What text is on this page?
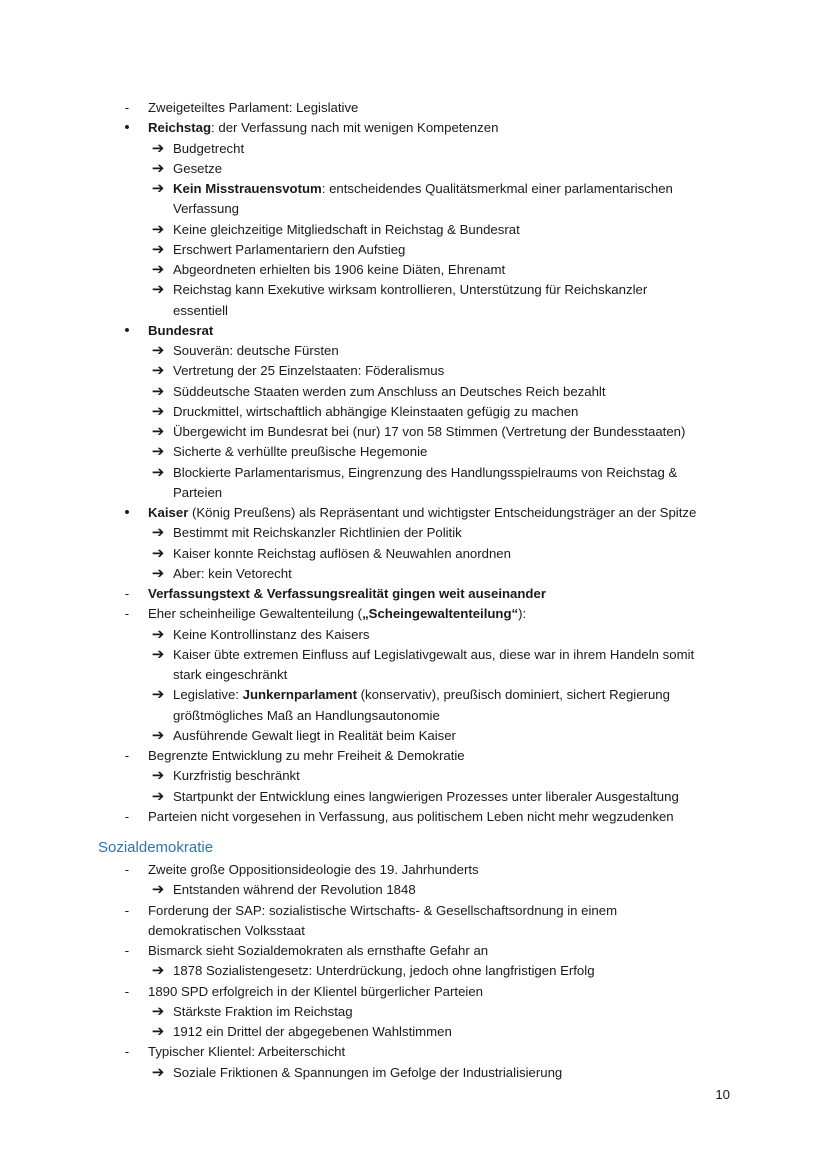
-	Zweigeteiltes Parlament: Legislative
•	Reichstag: der Verfassung nach mit wenigen Kompetenzen
➔ Budgetrecht
➔ Gesetze
➔ Kein Misstrauensvotum: entscheidendes Qualitätsmerkmal einer parlamentarischen
Verfassung
➔ Keine gleichzeitige Mitgliedschaft in Reichstag & Bundesrat
➔ Erschwert Parlamentariern den Aufstieg
➔ Abgeordneten erhielten bis 1906 keine Diäten, Ehrenamt
➔ Reichstag kann Exekutive wirksam kontrollieren, Unterstützung für Reichskanzler
essentiell
•	Bundesrat
➔ Souverän: deutsche Fürsten
➔ Vertretung der 25 Einzelstaaten: Föderalismus
➔ Süddeutsche Staaten werden zum Anschluss an Deutsches Reich bezahlt
➔ Druckmittel, wirtschaftlich abhängige Kleinstaaten gefügig zu machen
➔ Übergewicht im Bundesrat bei (nur) 17 von 58 Stimmen (Vertretung der Bundesstaaten)
➔ Sicherte & verhüllte preußische Hegemonie
➔ Blockierte Parlamentarismus, Eingrenzung des Handlungsspielraums von Reichstag &
Parteien
•	Kaiser (König Preußens) als Repräsentant und wichtigster Entscheidungsträger an der Spitze
➔ Bestimmt mit Reichskanzler Richtlinien der Politik
➔ Kaiser konnte Reichstag auflösen & Neuwahlen anordnen
➔ Aber: kein Vetorecht
-	Verfassungstext & Verfassungsrealität gingen weit auseinander
-	Eher scheinheilige Gewaltenteilung („Scheingewaltenteilung“):
➔ Keine Kontrollinstanz des Kaisers
➔ Kaiser übte extremen Einfluss auf Legislativgewalt aus, diese war in ihrem Handeln somit
stark eingeschränkt
➔ Legislative: Junkernparlament (konservativ), preußisch dominiert, sichert Regierung
größtmögliches Maß an Handlungsautonomie
➔ Ausführende Gewalt liegt in Realität beim Kaiser
-	Begrenzte Entwicklung zu mehr Freiheit & Demokratie
➔ Kurzfristig beschränkt
➔ Startpunkt der Entwicklung eines langwierigen Prozesses unter liberaler Ausgestaltung
-	Parteien nicht vorgesehen in Verfassung, aus politischem Leben nicht mehr wegzudenken
Sozialdemokratie
-	Zweite große Oppositionsideologie des 19. Jahrhunderts
➔ Entstanden während der Revolution 1848
-	Forderung der SAP: sozialistische Wirtschafts- & Gesellschaftsordnung in einem
demokratischen Volksstaat
-	Bismarck sieht Sozialdemokraten als ernsthafte Gefahr an
➔ 1878 Sozialistengesetz: Unterdrückung, jedoch ohne langfristigen Erfolg
-	1890 SPD erfolgreich in der Klientel bürgerlicher Parteien
➔ Stärkste Fraktion im Reichstag
➔ 1912 ein Drittel der abgegebenen Wahlstimmen
-	Typischer Klientel: Arbeiterschicht
➔ Soziale Friktionen & Spannungen im Gefolge der Industrialisierung
10
